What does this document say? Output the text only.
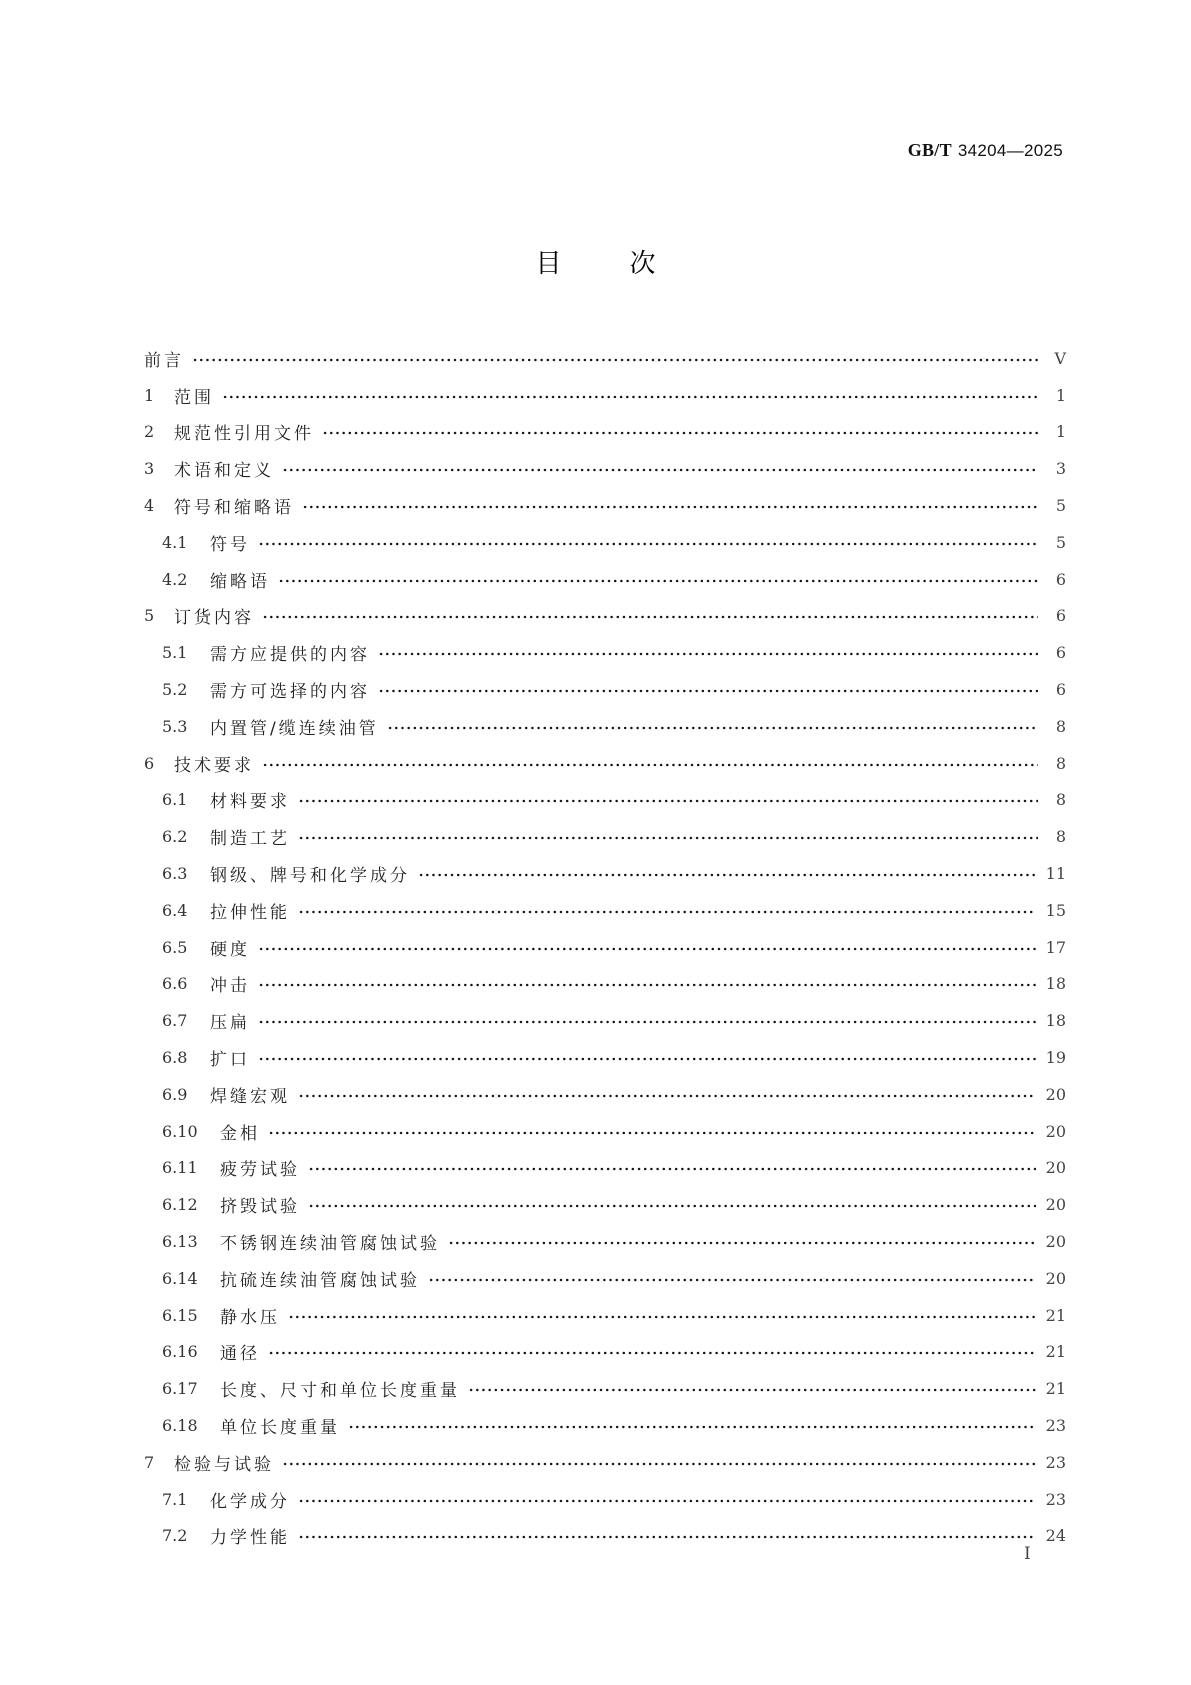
GB/T 34204—2025
目	次
前言	Ⅴ
1	范围	1
2	规范性引用文件	1
3	术语和定义	3
4	符号和缩略语	5
4.1	符号	5
4.2	缩略语	6
5	订货内容	6
5.1	需方应提供的内容	6
5.2	需方可选择的内容	6
5.3	内置管/缆连续油管	8
6	技术要求	8
6.1	材料要求	8
6.2	制造工艺	8
6.3	钢级、牌号和化学成分	11
6.4	拉伸性能	15
6.5	硬度	17
6.6	冲击	18
6.7	压扁	18
6.8	扩口	19
6.9	焊缝宏观	20
6.10	金相	20
6.11	疲劳试验	20
6.12	挤毁试验	20
6.13	不锈钢连续油管腐蚀试验	20
6.14	抗硫连续油管腐蚀试验	20
6.15	静水压	21
6.16	通径	21
6.17	长度、尺寸和单位长度重量	21
6.18	单位长度重量	23
7	检验与试验	23
7.1	化学成分	23
7.2	力学性能	24
Ⅰ
